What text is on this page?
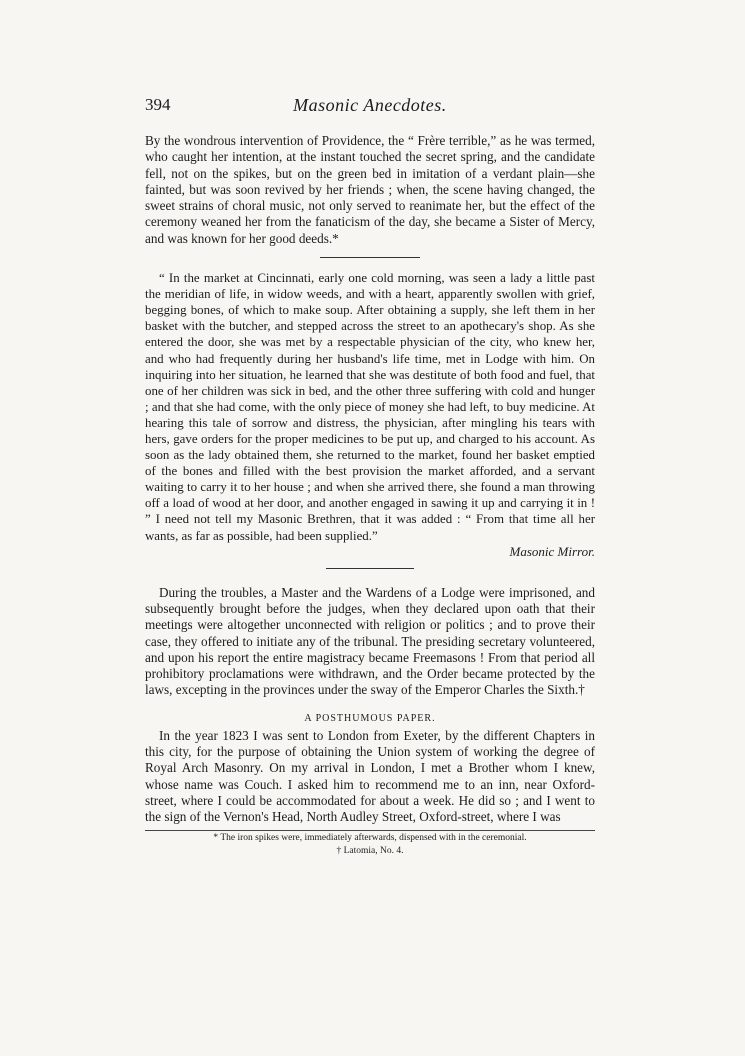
394	Masonic Anecdotes.

By the wondrous intervention of Providence, the “ Frère terrible,” as he was termed, who caught her intention, at the instant touched the secret spring, and the candidate fell, not on the spikes, but on the green bed in imitation of a verdant plain—she fainted, but was soon revived by her friends ; when, the scene having changed, the sweet strains of choral music, not only served to reanimate her, but the effect of the ceremony weaned her from the fanaticism of the day, she became a Sister of Mercy, and was known for her good deeds.*

“ In the market at Cincinnati, early one cold morning, was seen a lady a little past the meridian of life, in widow weeds, and with a heart, apparently swollen with grief, begging bones, of which to make soup. After obtaining a supply, she left them in her basket with the butcher, and stepped across the street to an apothecary's shop. As she entered the door, she was met by a respectable physician of the city, who knew her, and who had frequently during her husband's life time, met in Lodge with him. On inquiring into her situation, he learned that she was destitute of both food and fuel, that one of her children was sick in bed, and the other three suffering with cold and hunger ; and that she had come, with the only piece of money she had left, to buy medicine. At hearing this tale of sorrow and distress, the physician, after mingling his tears with hers, gave orders for the proper medicines to be put up, and charged to his account. As soon as the lady obtained them, she returned to the market, found her basket emptied of the bones and filled with the best provision the market afforded, and a servant waiting to carry it to her house ; and when she arrived there, she found a man throwing off a load of wood at her door, and another engaged in sawing it up and carrying it in ! ” I need not tell my Masonic Brethren, that it was added : “ From that time all her wants, as far as possible, had been supplied.”

Masonic Mirror.

During the troubles, a Master and the Wardens of a Lodge were imprisoned, and subsequently brought before the judges, when they declared upon oath that their meetings were altogether unconnected with religion or politics ; and to prove their case, they offered to initiate any of the tribunal. The presiding secretary volunteered, and upon his report the entire magistracy became Freemasons ! From that period all prohibitory proclamations were withdrawn, and the Order became protected by the laws, excepting in the provinces under the sway of the Emperor Charles the Sixth.†

A POSTHUMOUS PAPER.

In the year 1823 I was sent to London from Exeter, by the different Chapters in this city, for the purpose of obtaining the Union system of working the degree of Royal Arch Masonry. On my arrival in London, I met a Brother whom I knew, whose name was Couch. I asked him to recommend me to an inn, near Oxford-street, where I could be accommodated for about a week. He did so ; and I went to the sign of the Vernon's Head, North Audley Street, Oxford-street, where I was

* The iron spikes were, immediately afterwards, dispensed with in the ceremonial.
† Latomia, No. 4.
